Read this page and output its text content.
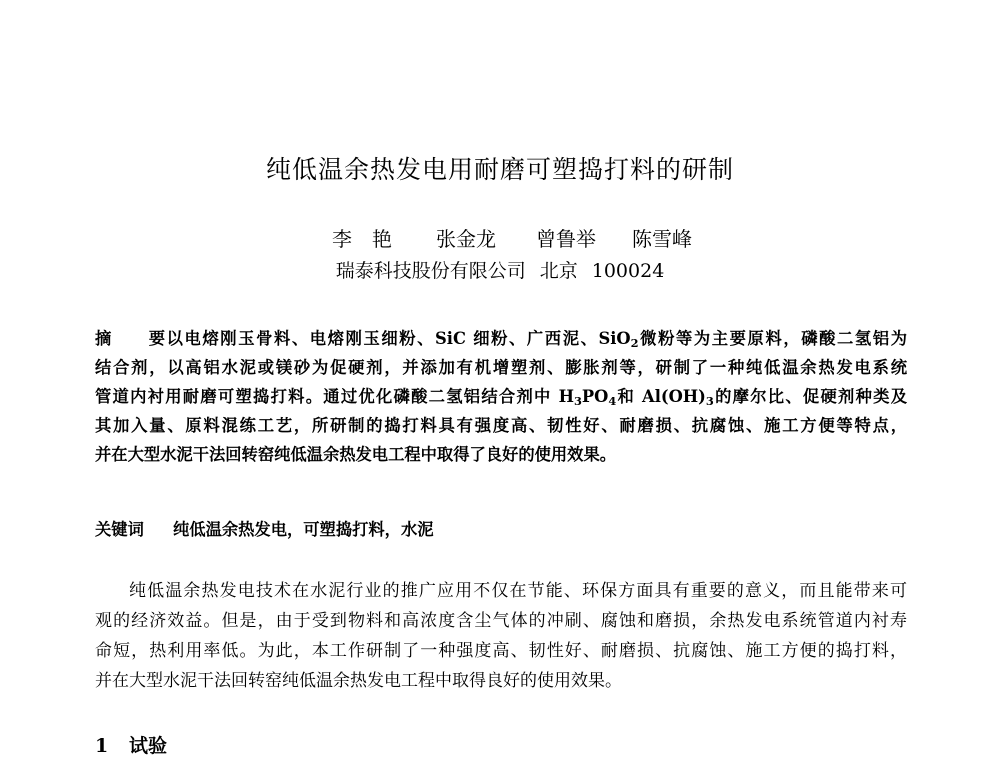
纯低温余热发电用耐磨可塑捣打料的研制
李　艳 张金龙 曾鲁举 陈雪峰
瑞泰科技股份有限公司 北京 100024
摘　要以电熔刚玉骨料、电熔刚玉细粉、SiC 细粉、广西泥、SiO$_2$微粉等为主要原料，磷酸二氢铝为
结合剂，以高铝水泥或镁砂为促硬剂，并添加有机增塑剂、膨胀剂等，研制了一种纯低温余热发电系统
管道内衬用耐磨可塑捣打料。通过优化磷酸二氢铝结合剂中 $H_3PO_4$和 $Al(OH)_3$的摩尔比、促硬剂种类及
其加入量、原料混练工艺，所研制的捣打料具有强度高、韧性好、耐磨损、抗腐蚀、施工方便等特点，
并在大型水泥干法回转窑纯低温余热发电工程中取得了良好的使用效果。
关键词 纯低温余热发电，可塑捣打料，水泥
纯低温余热发电技术在水泥行业的推广应用不仅在节能、环保方面具有重要的意义，而且能带来可
观的经济效益。但是，由于受到物料和高浓度含尘气体的冲刷、腐蚀和磨损，余热发电系统管道内衬寿
命短，热利用率低。为此，本工作研制了一种强度高、韧性好、耐磨损、抗腐蚀、施工方便的捣打料，
并在大型水泥干法回转窑纯低温余热发电工程中取得良好的使用效果。
1 试验
